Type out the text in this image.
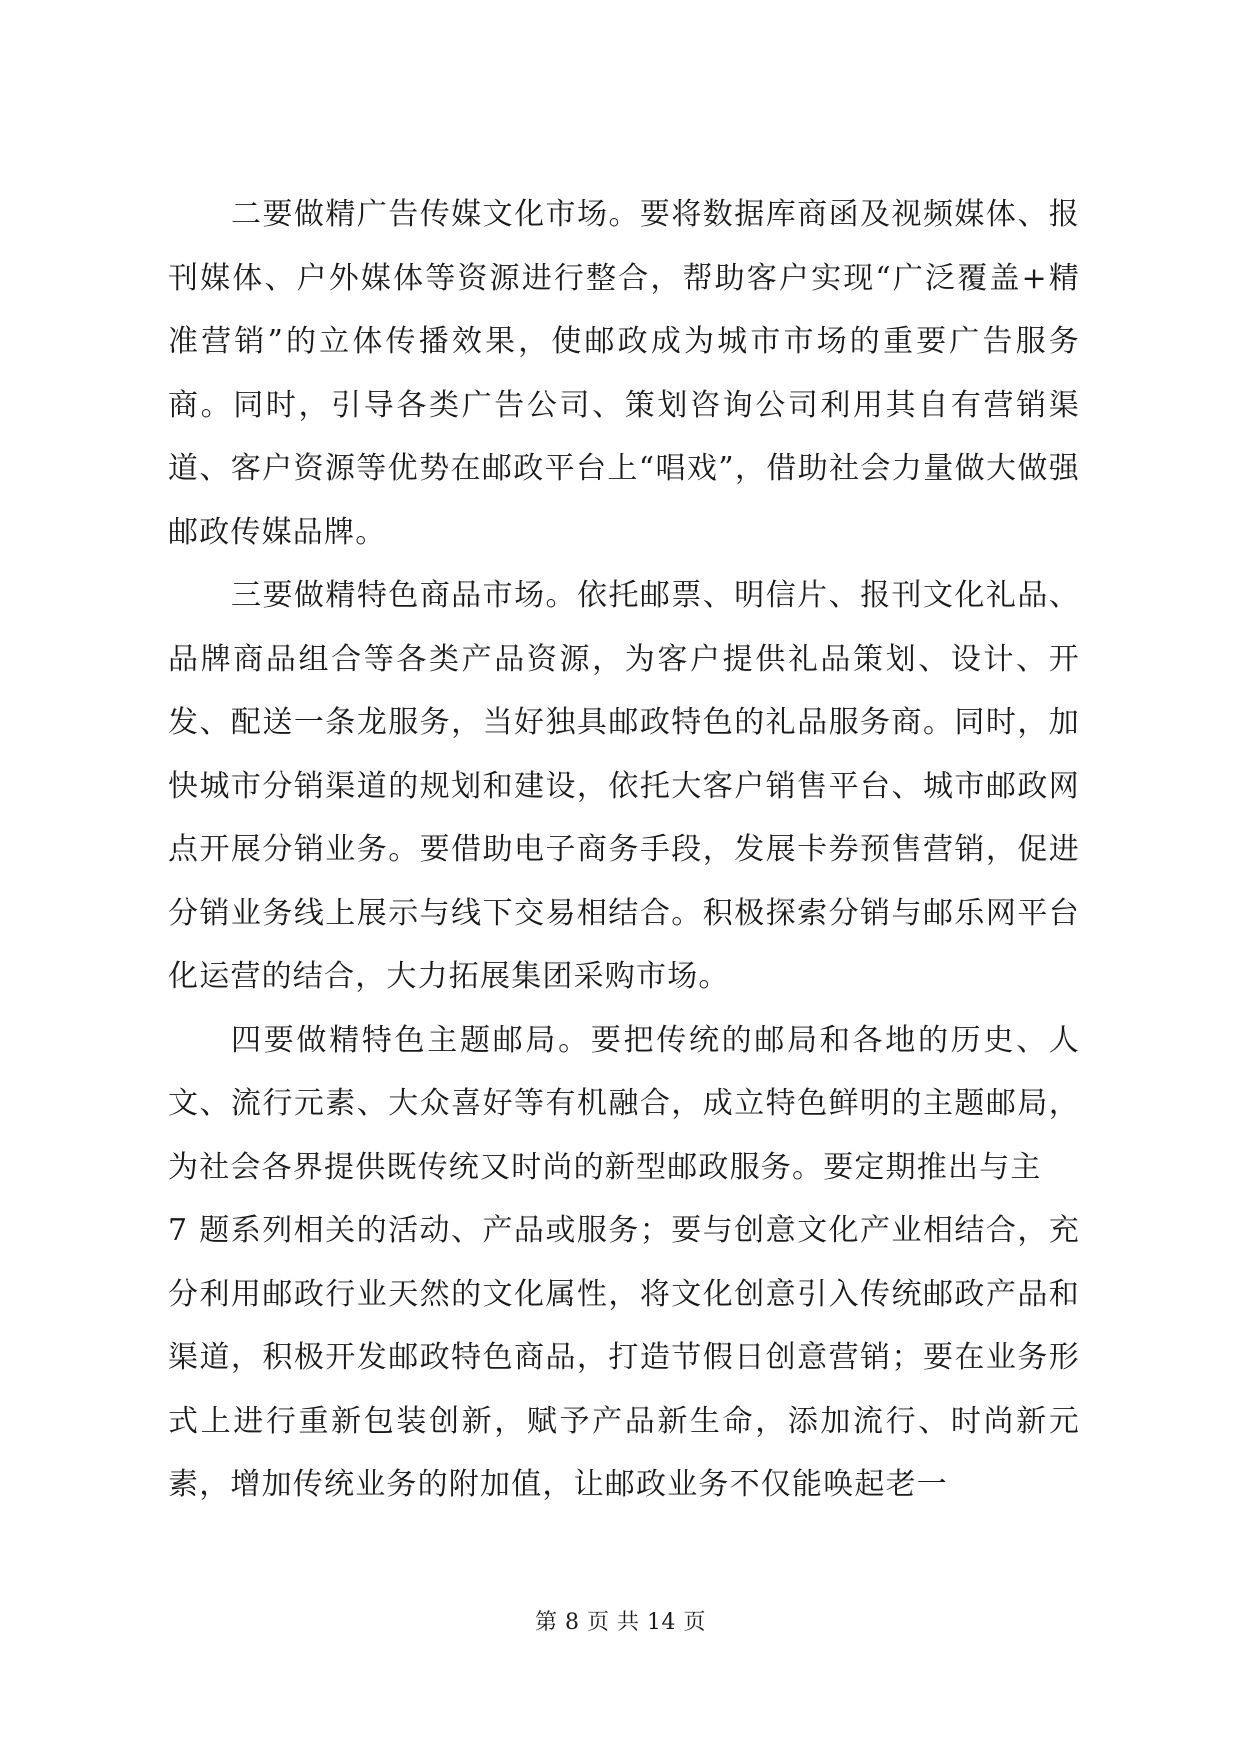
二要做精广告传媒文化市场。要将数据库商函及视频媒体、报刊媒体、户外媒体等资源进行整合，帮助客户实现“广泛覆盖+精准营销”的立体传播效果，使邮政成为城市市场的重要广告服务商。同时，引导各类广告公司、策划咨询公司利用其自有营销渠道、客户资源等优势在邮政平台上“唱戏”，借助社会力量做大做强邮政传媒品牌。

三要做精特色商品市场。依托邮票、明信片、报刊文化礼品、品牌商品组合等各类产品资源，为客户提供礼品策划、设计、开发、配送一条龙服务，当好独具邮政特色的礼品服务商。同时，加快城市分销渠道的规划和建设，依托大客户销售平台、城市邮政网点开展分销业务。要借助电子商务手段，发展卡券预售营销，促进分销业务线上展示与线下交易相结合。积极探索分销与邮乐网平台化运营的结合，大力拓展集团采购市场。

四要做精特色主题邮局。要把传统的邮局和各地的历史、人文、流行元素、大众喜好等有机融合，成立特色鲜明的主题邮局，为社会各界提供既传统又时尚的新型邮政服务。要定期推出与主

7 题系列相关的活动、产品或服务；要与创意文化产业相结合，充分利用邮政行业天然的文化属性，将文化创意引入传统邮政产品和渠道，积极开发邮政特色商品，打造节假日创意营销；要在业务形式上进行重新包装创新，赋予产品新生命，添加流行、时尚新元素，增加传统业务的附加值，让邮政业务不仅能唤起老一

第 8 页 共 14 页
